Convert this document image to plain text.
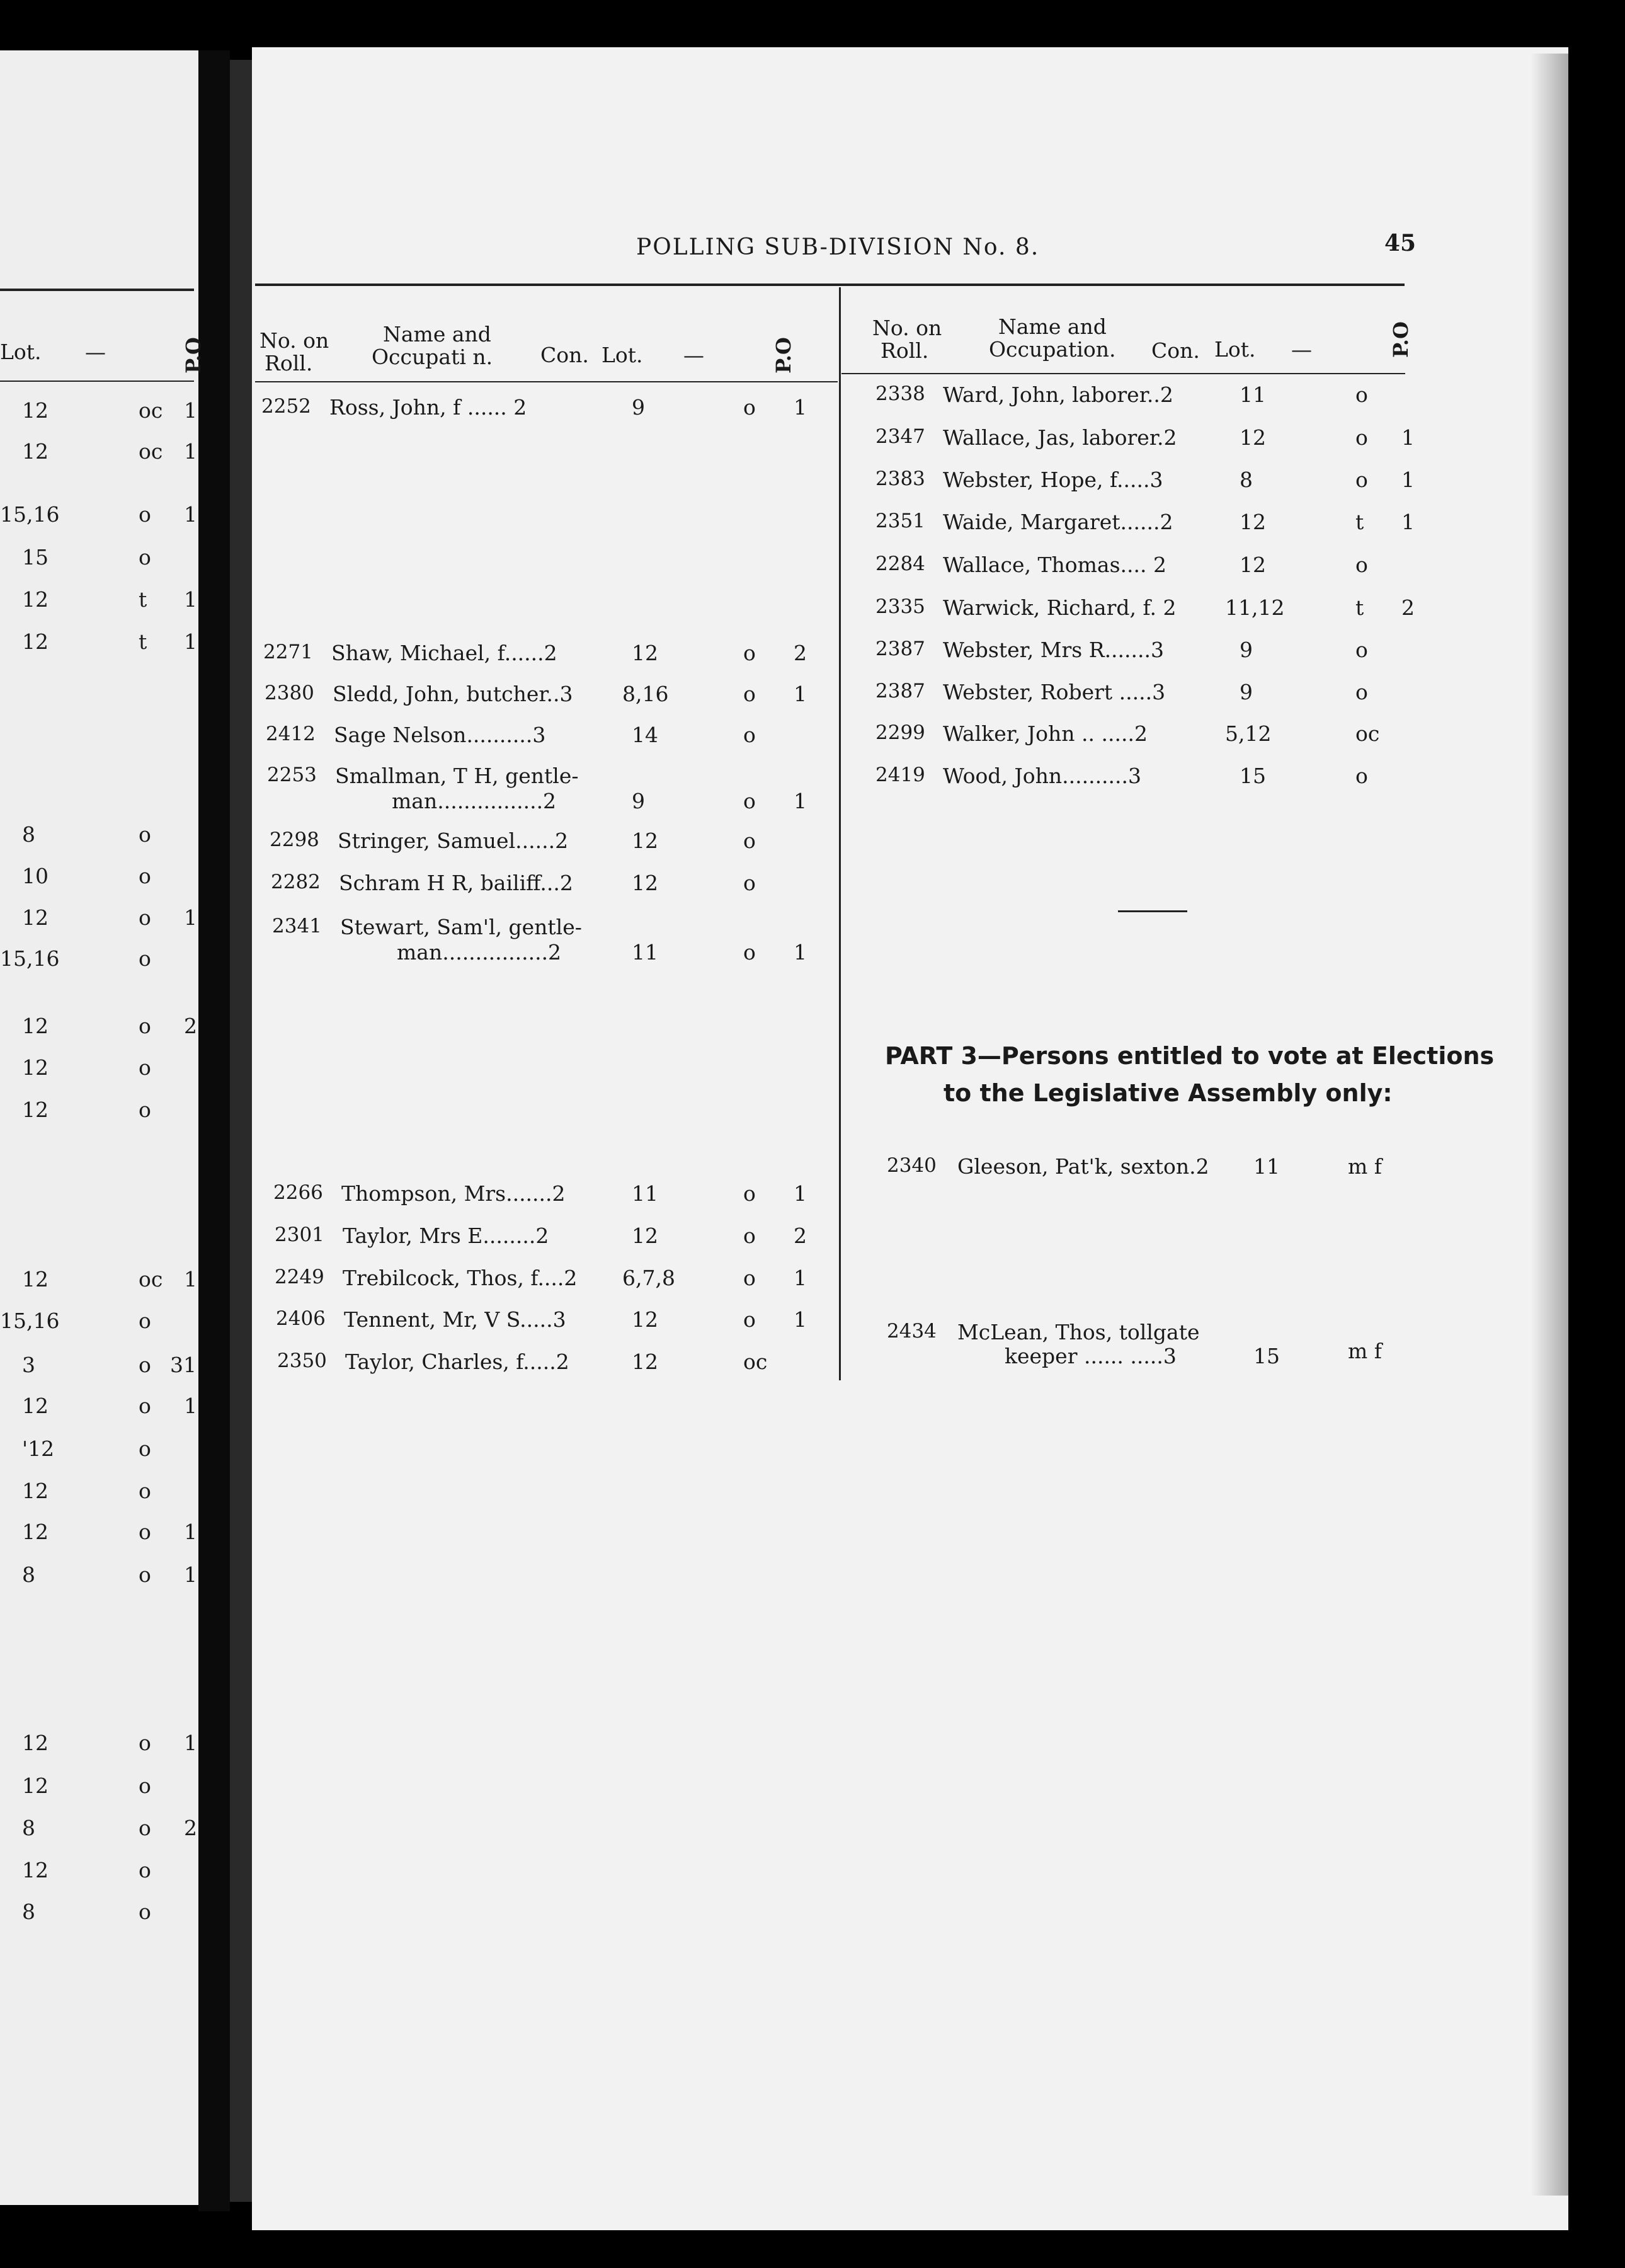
Lot. —	P.O
12	oc 1
12	oc 1
15,16	o 1
15	o
12	t 1
12	t 1
8	o
10	o
12	o 1
15,16	o
12	o 2
12	o
12	o
12	oc 1
15,16	o
3	o 31
12	o 1
'12	o
12	o
12	o 1
8	o 1
12	o 1
12	o
8	o 2
12	o
8	o
POLLING SUB-DIVISION No. 8.	45
No. on
Roll.
Name and
Occupati n. Con. Lot. —	P.O
No. on
Roll.
Name and
Occupation. Con. Lot. —	P.O
2252 Ross, John, f ...... 2	9	o 1
2271 Shaw, Michael, f......2	12	o 2
2380 Sledd, John, butcher..3 8,16	o 1
2412 Sage Nelson..........3	14	o
2253 Smallman, T H, gentle-
man................2	9	o 1
2298 Stringer, Samuel......2	12	o
2282 Schram H R, bailiff...2	12	o
2341 Stewart, Sam'l, gentle-
man................2	11	o 1
2266 Thompson, Mrs.......2	11	o 1
2301 Taylor, Mrs E........2	12	o 2
2249 Trebilcock, Thos, f....2 6,7,8	o 1
2406 Tennent, Mr, V S.....3	12	o 1
2350 Taylor, Charles, f.....2	12	oc
2338 Ward, John, laborer..2	11	o
2347 Wallace, Jas, laborer.2	12	o 1
2383 Webster, Hope, f.....3	8	o 1
2351 Waide, Margaret......2	12	t 1
2284 Wallace, Thomas.... 2	12	o
2335 Warwick, Richard, f. 2 11,12	t 2
2387 Webster, Mrs R.......3	9	o
2387 Webster, Robert .....3	9	o
2299 Walker, John .. .....2	5,12	oc
2419 Wood, John..........3	15	o
PART 3—Persons entitled to vote at Elections
to the Legislative Assembly only:
2340 Gleeson, Pat'k, sexton.2 11	m f
2434 McLean, Thos, tollgate
keeper ...... .....3	15	m f
